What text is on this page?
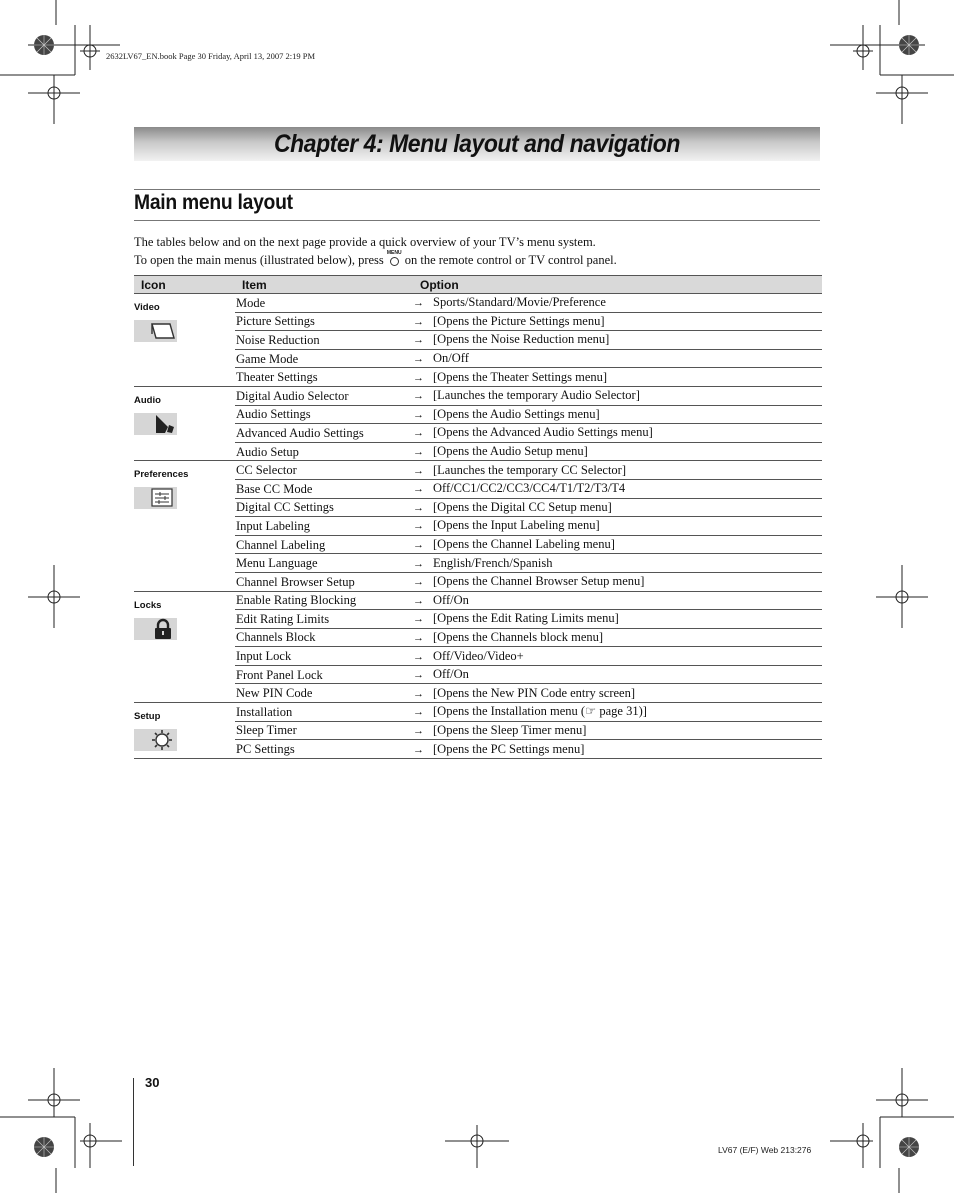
2632LV67_EN.book Page 30 Friday, April 13, 2007 2:19 PM
Chapter 4: Menu layout and navigation
Main menu layout

The tables below and on the next page provide a quick overview of your TV’s menu system.

To open the main menus (illustrated below), press MENU
on the remote control or TV control panel.

Icon	Item	Option

Video	Mode	→ Sports/Standard/Movie/Preference
	Picture Settings	→ [Opens the Picture Settings menu]
	Noise Reduction	→ [Opens the Noise Reduction menu]
	Game Mode	→ On/Off
	Theater Settings	→ [Opens the Theater Settings menu]

Audio	Digital Audio Selector	→ [Launches the temporary Audio Selector]
	Audio Settings	→ [Opens the Audio Settings menu]
	Advanced Audio Settings	→ [Opens the Advanced Audio Settings menu]
	Audio Setup	→ [Opens the Audio Setup menu]

Preferences	CC Selector	→ [Launches the temporary CC Selector]
	Base CC Mode	→ Off/CC1/CC2/CC3/CC4/T1/T2/T3/T4
	Digital CC Settings	→ [Opens the Digital CC Setup menu]
	Input Labeling	→ [Opens the Input Labeling menu]
	Channel Labeling	→ [Opens the Channel Labeling menu]
	Menu Language	→ English/French/Spanish
	Channel Browser Setup	→ [Opens the Channel Browser Setup menu]

Locks	Enable Rating Blocking	→ Off/On
	Edit Rating Limits	→ [Opens the Edit Rating Limits menu]
	Channels Block	→ [Opens the Channels block menu]
	Input Lock	→ Off/Video/Video+
	Front Panel Lock	→ Off/On
	New PIN Code	→ [Opens the New PIN Code entry screen]

Setup	Installation	→ [Opens the Installation menu (☞ page 31)]
	Sleep Timer	→ [Opens the Sleep Timer menu]
	PC Settings	→ [Opens the PC Settings menu]
30
LV67 (E/F) Web 213:276
